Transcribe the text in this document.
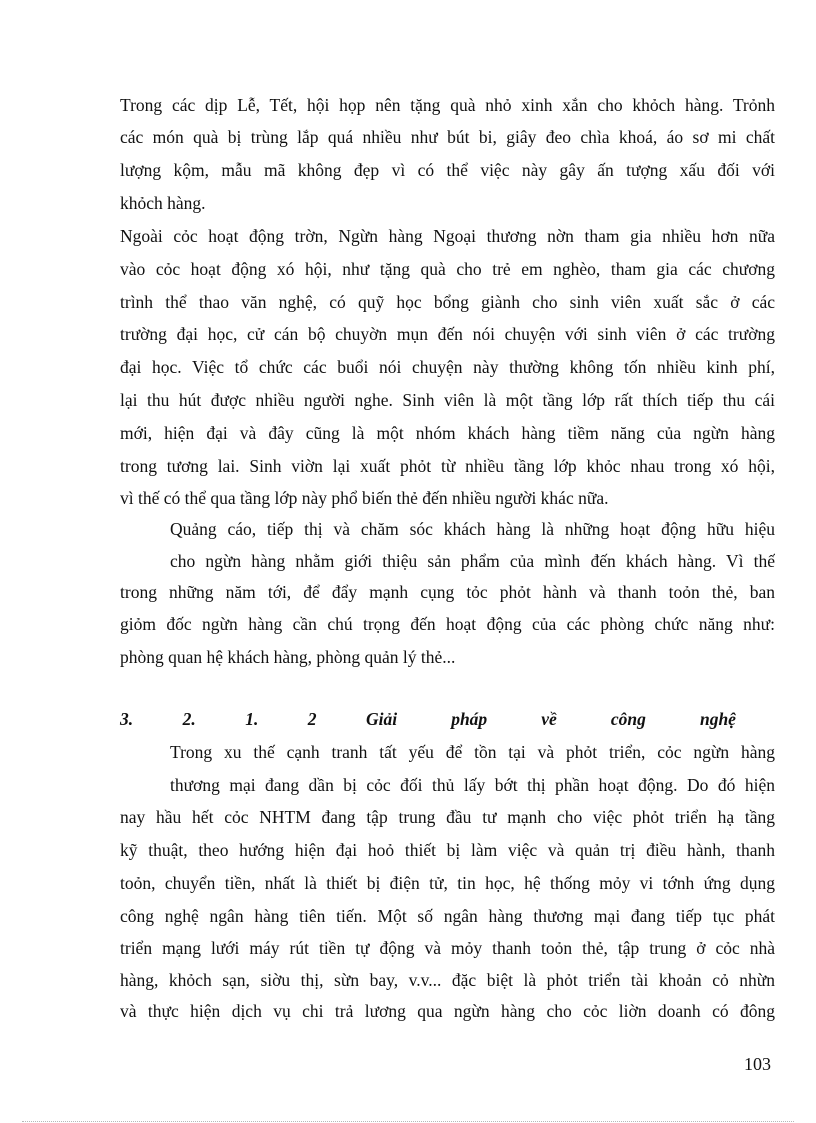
Trong các dịp Lễ, Tết, hội họp nên tặng quà nhỏ xinh xắn cho khỏch hàng. Trỏnh
các món quà bị trùng lắp quá nhiều như bút bi, giây đeo chìa khoá, áo sơ mi chất
lượng kộm, mẫu mã không đẹp vì có thể việc này gây ấn tượng xấu đối với
khỏch hàng.
Ngoài cỏc hoạt động trờn, Ngừn hàng Ngoại thương nờn tham gia nhiều hơn nữa
vào cỏc hoạt động xó hội, như tặng quà cho trẻ em nghèo, tham gia các chương
trình thể thao văn nghệ, có quỹ học bổng giành cho sinh viên xuất sắc ở các
trường đại học, cử cán bộ chuyờn mụn đến nói chuyện với sinh viên ở các trường
đại học. Việc tổ chức các buổi nói chuyện này thường không tốn nhiều kinh phí,
lại thu hút được nhiều người nghe. Sinh viên là một tầng lớp rất thích tiếp thu cái
mới, hiện đại và đây cũng là một nhóm khách hàng tiềm năng của ngừn hàng
trong tương lai. Sinh viờn lại xuất phỏt từ nhiều tầng lớp khỏc nhau trong xó hội,
vì thế có thể qua tầng lớp này phổ biến thẻ đến nhiều người khác nữa.
Quảng cáo, tiếp thị và chăm sóc khách hàng là những hoạt động hữu hiệu
cho ngừn hàng nhằm giới thiệu sản phẩm của mình đến khách hàng. Vì thế
trong những năm tới, để đẩy mạnh cụng tỏc phỏt hành và thanh toỏn thẻ, ban
giỏm đốc ngừn hàng cần chú trọng đến hoạt động của các phòng chức năng như:
phòng quan hệ khách hàng, phòng quản lý thẻ...
3.	2.	1.	2	Giải	pháp	về	công	nghệ
Trong xu thế cạnh tranh tất yếu để tồn tại và phỏt triển, cỏc ngừn hàng
thương mại đang dần bị cỏc đối thủ lấy bớt thị phần hoạt động. Do đó hiện
nay hầu hết cỏc NHTM đang tập trung đầu tư mạnh cho việc phỏt triển hạ tầng
kỹ thuật, theo hướng hiện đại hoỏ thiết bị làm việc và quản trị điều hành, thanh
toỏn, chuyển tiền, nhất là thiết bị điện tử, tin học, hệ thống mỏy vi tớnh ứng dụng
công nghệ ngân hàng tiên tiến. Một số ngân hàng thương mại đang tiếp tục phát
triển mạng lưới máy rút tiền tự động và mỏy thanh toỏn thẻ, tập trung ở cỏc nhà
hàng, khỏch sạn, siờu thị, sừn bay, v.v... đặc biệt là phỏt triển tài khoản cỏ nhừn
và thực hiện dịch vụ chi trả lương qua ngừn hàng cho cỏc liờn doanh có đông
103
